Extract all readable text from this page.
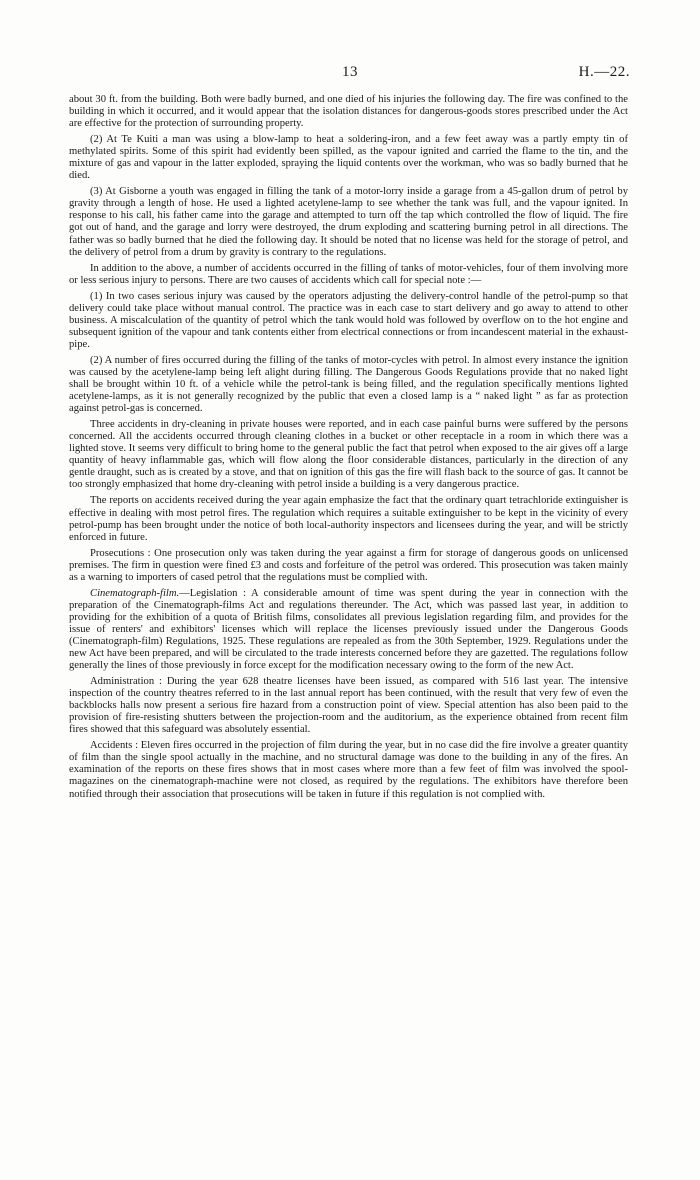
13	H.—22.

about 30 ft. from the building. Both were badly burned, and one died of his injuries the following day. The fire was confined to the building in which it occurred, and it would appear that the isolation distances for dangerous-goods stores prescribed under the Act are effective for the protection of surrounding property.

(2) At Te Kuiti a man was using a blow-lamp to heat a soldering-iron, and a few feet away was a partly empty tin of methylated spirits. Some of this spirit had evidently been spilled, as the vapour ignited and carried the flame to the tin, and the mixture of gas and vapour in the latter exploded, spraying the liquid contents over the workman, who was so badly burned that he died.

(3) At Gisborne a youth was engaged in filling the tank of a motor-lorry inside a garage from a 45-gallon drum of petrol by gravity through a length of hose. He used a lighted acetylene-lamp to see whether the tank was full, and the vapour ignited. In response to his call, his father came into the garage and attempted to turn off the tap which controlled the flow of liquid. The fire got out of hand, and the garage and lorry were destroyed, the drum exploding and scattering burning petrol in all directions. The father was so badly burned that he died the following day. It should be noted that no license was held for the storage of petrol, and the delivery of petrol from a drum by gravity is contrary to the regulations.

In addition to the above, a number of accidents occurred in the filling of tanks of motor-vehicles, four of them involving more or less serious injury to persons. There are two causes of accidents which call for special note :—

(1) In two cases serious injury was caused by the operators adjusting the delivery-control handle of the petrol-pump so that delivery could take place without manual control. The practice was in each case to start delivery and go away to attend to other business. A miscalculation of the quantity of petrol which the tank would hold was followed by overflow on to the hot engine and subsequent ignition of the vapour and tank contents either from electrical connections or from incandescent material in the exhaust-pipe.

(2) A number of fires occurred during the filling of the tanks of motor-cycles with petrol. In almost every instance the ignition was caused by the acetylene-lamp being left alight during filling. The Dangerous Goods Regulations provide that no naked light shall be brought within 10 ft. of a vehicle while the petrol-tank is being filled, and the regulation specifically mentions lighted acetylene-lamps, as it is not generally recognized by the public that even a closed lamp is a “ naked light ” as far as protection against petrol-gas is concerned.

Three accidents in dry-cleaning in private houses were reported, and in each case painful burns were suffered by the persons concerned. All the accidents occurred through cleaning clothes in a bucket or other receptacle in a room in which there was a lighted stove. It seems very difficult to bring home to the general public the fact that petrol when exposed to the air gives off a large quantity of heavy inflammable gas, which will flow along the floor considerable distances, particularly in the direction of any gentle draught, such as is created by a stove, and that on ignition of this gas the fire will flash back to the source of gas. It cannot be too strongly emphasized that home dry-cleaning with petrol inside a building is a very dangerous practice.

The reports on accidents received during the year again emphasize the fact that the ordinary quart tetrachloride extinguisher is effective in dealing with most petrol fires. The regulation which requires a suitable extinguisher to be kept in the vicinity of every petrol-pump has been brought under the notice of both local-authority inspectors and licensees during the year, and will be strictly enforced in future.

Prosecutions : One prosecution only was taken during the year against a firm for storage of dangerous goods on unlicensed premises. The firm in question were fined £3 and costs and forfeiture of the petrol was ordered. This prosecution was taken mainly as a warning to importers of cased petrol that the regulations must be complied with.

Cinematograph-film.—Legislation : A considerable amount of time was spent during the year in connection with the preparation of the Cinematograph-films Act and regulations thereunder. The Act, which was passed last year, in addition to providing for the exhibition of a quota of British films, consolidates all previous legislation regarding film, and provides for the issue of renters' and exhibitors' licenses which will replace the licenses previously issued under the Dangerous Goods (Cinematograph-film) Regulations, 1925. These regulations are repealed as from the 30th September, 1929. Regulations under the new Act have been prepared, and will be circulated to the trade interests concerned before they are gazetted. The regulations follow generally the lines of those previously in force except for the modification necessary owing to the form of the new Act.

Administration : During the year 628 theatre licenses have been issued, as compared with 516 last year. The intensive inspection of the country theatres referred to in the last annual report has been continued, with the result that very few of even the backblocks halls now present a serious fire hazard from a construction point of view. Special attention has also been paid to the provision of fire-resisting shutters between the projection-room and the auditorium, as the experience obtained from recent film fires showed that this safeguard was absolutely essential.

Accidents : Eleven fires occurred in the projection of film during the year, but in no case did the fire involve a greater quantity of film than the single spool actually in the machine, and no structural damage was done to the building in any of the fires. An examination of the reports on these fires shows that in most cases where more than a few feet of film was involved the spool-magazines on the cinematograph-machine were not closed, as required by the regulations. The exhibitors have therefore been notified through their association that prosecutions will be taken in future if this regulation is not complied with.
